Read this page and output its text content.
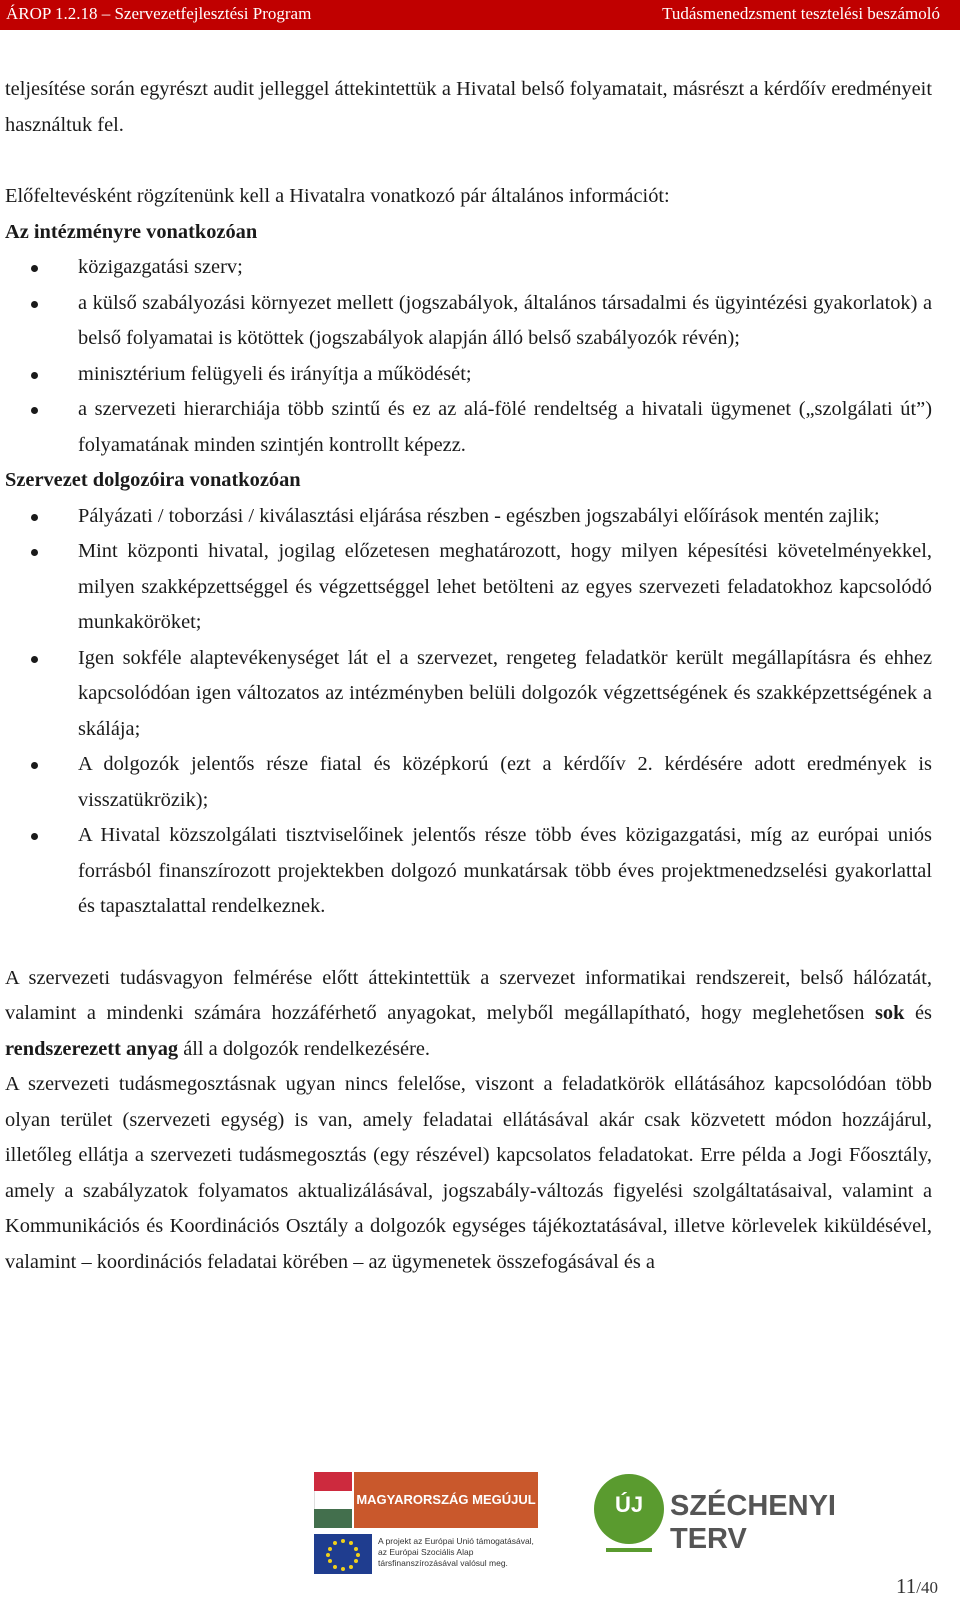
ÁROP 1.2.18 – Szervezetfejlesztési Program	Tudásmenedzsment tesztelési beszámoló

teljesítése során egyrészt audit jelleggel áttekintettük a Hivatal belső folyamatait, másrészt a kérdőív eredményeit használtuk fel.

Előfeltevésként rögzítenünk kell a Hivatalra vonatkozó pár általános információt:

Az intézményre vonatkozóan

közigazgatási szerv;
a külső szabályozási környezet mellett (jogszabályok, általános társadalmi és ügyintézési gyakorlatok) a belső folyamatai is kötöttek (jogszabályok alapján álló belső szabályozók révén);
minisztérium felügyeli és irányítja a működését;
a szervezeti hierarchiája több szintű és ez az alá-fölé rendeltség a hivatali ügymenet („szolgálati út”) folyamatának minden szintjén kontrollt képezz.

Szervezet dolgozóira vonatkozóan

Pályázati / toborzási / kiválasztási eljárása részben - egészben jogszabályi előírások mentén zajlik;
Mint központi hivatal, jogilag előzetesen meghatározott, hogy milyen képesítési követelményekkel, milyen szakképzettséggel és végzettséggel lehet betölteni az egyes szervezeti feladatokhoz kapcsolódó munkaköröket;
Igen sokféle alaptevékenységet lát el a szervezet, rengeteg feladatkör került megállapításra és ehhez kapcsolódóan igen változatos az intézményben belüli dolgozók végzettségének és szakképzettségének a skálája;
A dolgozók jelentős része fiatal és középkorú (ezt a kérdőív 2. kérdésére adott eredmények is visszatükrözik);
A Hivatal közszolgálati tisztviselőinek jelentős része több éves közigazgatási, míg az európai uniós forrásból finanszírozott projektekben dolgozó munkatársak több éves projektmenedzselési gyakorlattal és tapasztalattal rendelkeznek.

A szervezeti tudásvagyon felmérése előtt áttekintettük a szervezet informatikai rendszereit, belső hálózatát, valamint a mindenki számára hozzáférhető anyagokat, melyből megállapítható, hogy meglehetősen sok és rendszerezett anyag áll a dolgozók rendelkezésére.

A szervezeti tudásmegosztásnak ugyan nincs felelőse, viszont a feladatkörök ellátásához kapcsolódóan több olyan terület (szervezeti egység) is van, amely feladatai ellátásával akár csak közvetett módon hozzájárul, illetőleg ellátja a szervezeti tudásmegosztás (egy részével) kapcsolatos feladatokat. Erre példa a Jogi Főosztály, amely a szabályzatok folyamatos aktualizálásával, jogszabály-változás figyelési szolgáltatásaival, valamint a Kommunikációs és Koordinációs Osztály a dolgozók egységes tájékoztatásával, illetve körlevelek kiküldésével, valamint – koordinációs feladatai körében – az ügymenetek összefogásával és a

MAGYARORSZÁG MEGÚJUL
A projekt az Európai Unió támogatásával, az Európai Szociális Alap társfinanszírozásával valósul meg.
ÚJ SZÉCHENYI TERV
11/40
